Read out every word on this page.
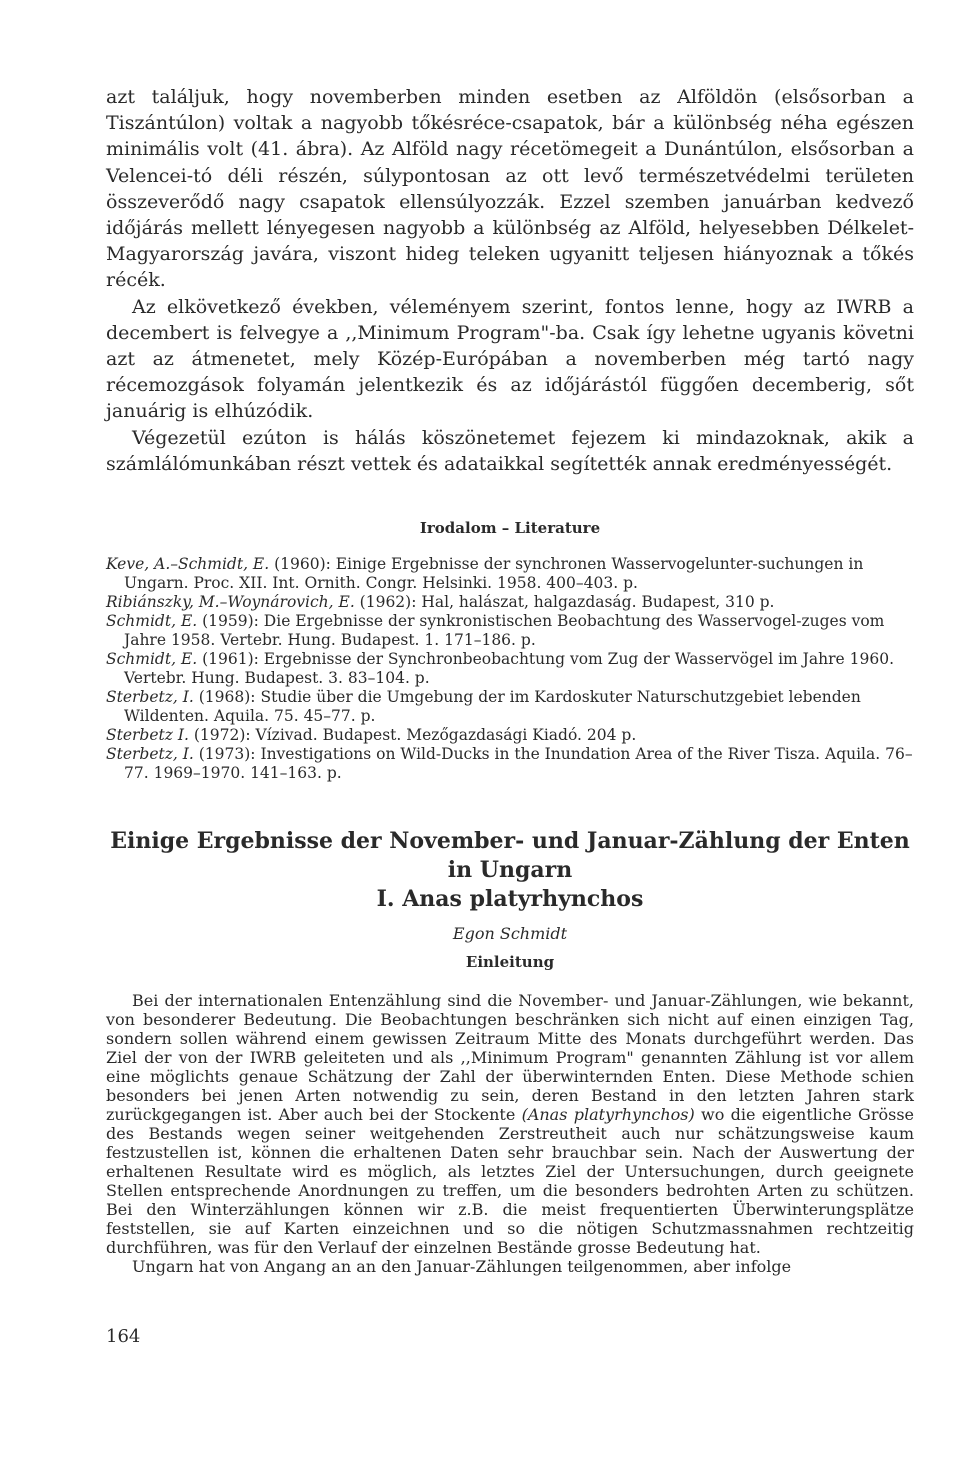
azt találjuk, hogy novemberben minden esetben az Alföldön (elsősorban a Tiszántúlon) voltak a nagyobb tőkésréce-csapatok, bár a különbség néha egészen minimális volt (41. ábra). Az Alföld nagy récetömegeit a Dunántúlon, elsősorban a Velencei-tó déli részén, súlypontosan az ott levő természetvédelmi területen összeverődő nagy csapatok ellensúlyozzák. Ezzel szemben januárban kedvező időjárás mellett lényegesen nagyobb a különbség az Alföld, helyesebben Délkelet-Magyarország javára, viszont hideg teleken ugyanitt teljesen hiányoznak a tőkés récék.

Az elkövetkező években, véleményem szerint, fontos lenne, hogy az IWRB a decembert is felvegye a ,,Minimum Program"-ba. Csak így lehetne ugyanis követni azt az átmenetet, mely Közép-Európában a novemberben még tartó nagy récemozgások folyamán jelentkezik és az időjárástól függően decemberig, sőt januárig is elhúzódik.

Végezetül ezúton is hálás köszönetemet fejezem ki mindazoknak, akik a számlálómunkában részt vettek és adataikkal segítették annak eredményességét.

Irodalom – Literature

Keve, A.–Schmidt, E. (1960): Einige Ergebnisse der synchronen Wasservogelunter-suchungen in Ungarn. Proc. XII. Int. Ornith. Congr. Helsinki. 1958. 400–403. p.

Ribiánszky, M.–Woynárovich, E. (1962): Hal, halászat, halgazdaság. Budapest, 310 p.

Schmidt, E. (1959): Die Ergebnisse der synkronistischen Beobachtung des Wasservogel-zuges vom Jahre 1958. Vertebr. Hung. Budapest. 1. 171–186. p.

Schmidt, E. (1961): Ergebnisse der Synchronbeobachtung vom Zug der Wasservögel im Jahre 1960. Vertebr. Hung. Budapest. 3. 83–104. p.

Sterbetz, I. (1968): Studie über die Umgebung der im Kardoskuter Naturschutzgebiet lebenden Wildenten. Aquila. 75. 45–77. p.

Sterbetz I. (1972): Vízivad. Budapest. Mezőgazdasági Kiadó. 204 p.

Sterbetz, I. (1973): Investigations on Wild-Ducks in the Inundation Area of the River Tisza. Aquila. 76–77. 1969–1970. 141–163. p.

Einige Ergebnisse der November- und Januar-Zählung der Enten in Ungarn
I. Anas platyrhynchos
Egon Schmidt
Einleitung

Bei der internationalen Entenzählung sind die November- und Januar-Zählungen, wie bekannt, von besonderer Bedeutung. Die Beobachtungen beschränken sich nicht auf einen einzigen Tag, sondern sollen während einem gewissen Zeitraum Mitte des Monats durchgeführt werden. Das Ziel der von der IWRB geleiteten und als ,,Minimum Program" genannten Zählung ist vor allem eine möglichts genaue Schätzung der Zahl der überwinternden Enten. Diese Methode schien besonders bei jenen Arten notwendig zu sein, deren Bestand in den letzten Jahren stark zurückgegangen ist. Aber auch bei der Stockente (Anas platyrhynchos) wo die eigentliche Grösse des Bestands wegen seiner weitgehenden Zerstreutheit auch nur schätzungsweise kaum festzustellen ist, können die erhaltenen Daten sehr brauchbar sein. Nach der Auswertung der erhaltenen Resultate wird es möglich, als letztes Ziel der Untersuchungen, durch geeignete Stellen entsprechende Anordnungen zu treffen, um die besonders bedrohten Arten zu schützen. Bei den Winterzählungen können wir z.B. die meist frequentierten Überwinterungsplätze feststellen, sie auf Karten einzeichnen und so die nötigen Schutzmassnahmen rechtzeitig durchführen, was für den Verlauf der einzelnen Bestände grosse Bedeutung hat.

Ungarn hat von Angang an an den Januar-Zählungen teilgenommen, aber infolge

164
